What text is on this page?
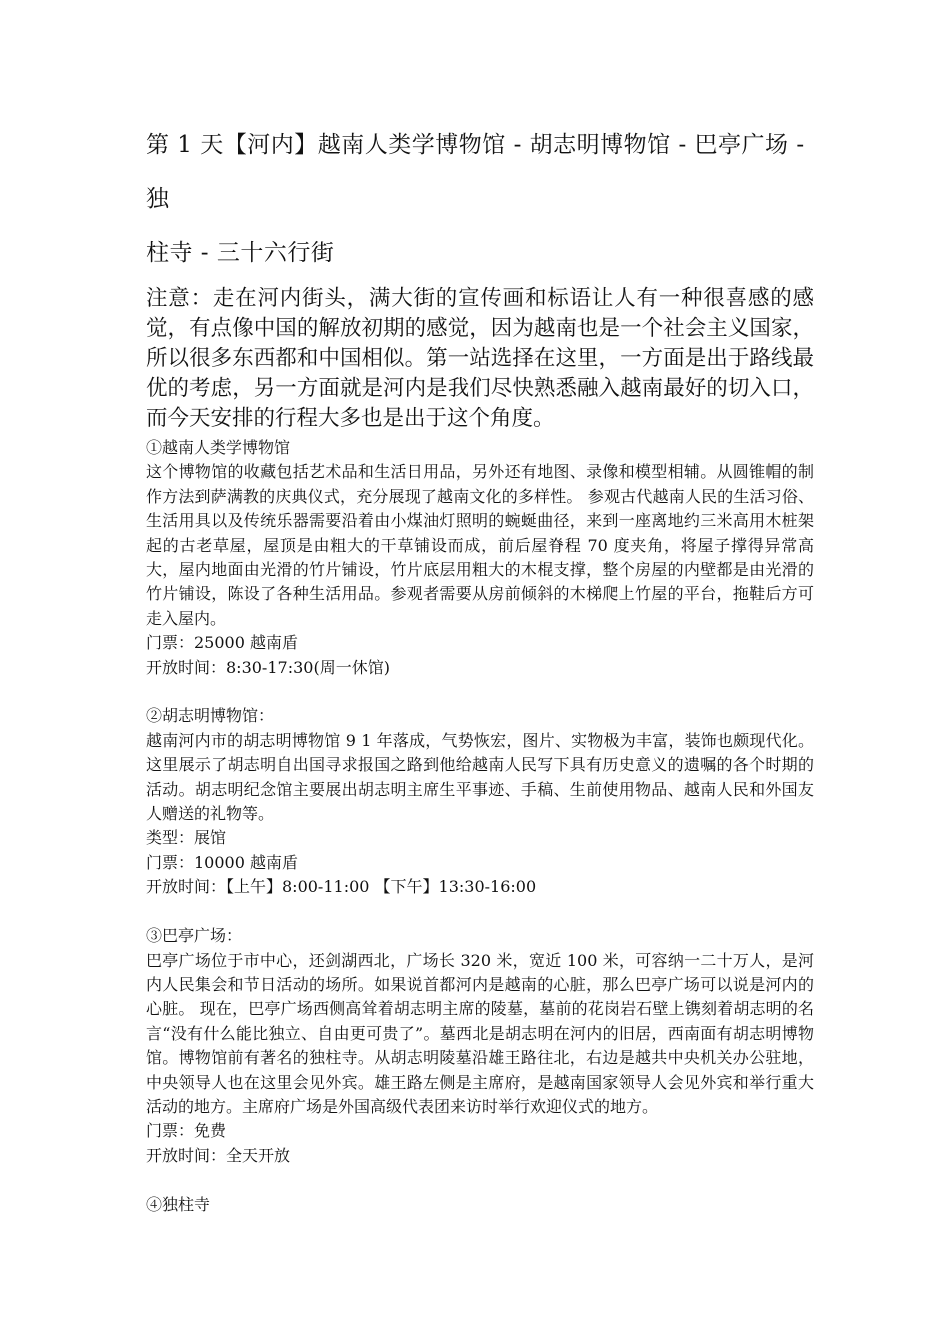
第 1 天【河内】越南人类学博物馆 - 胡志明博物馆 - 巴亭广场 - 独
柱寺 - 三十六行街

注意：走在河内街头，满大街的宣传画和标语让人有一种很喜感的感觉，有点像中国的解放初期的感觉，因为越南也是一个社会主义国家，所以很多东西都和中国相似。第一站选择在这里，一方面是出于路线最优的考虑，另一方面就是河内是我们尽快熟悉融入越南最好的切入口，而今天安排的行程大多也是出于这个角度。

①越南人类学博物馆
这个博物馆的收藏包括艺术品和生活日用品，另外还有地图、录像和模型相辅。从圆锥帽的制作方法到萨满教的庆典仪式，充分展现了越南文化的多样性。 参观古代越南人民的生活习俗、生活用具以及传统乐器需要沿着由小煤油灯照明的蜿蜒曲径，来到一座离地约三米高用木桩架起的古老草屋，屋顶是由粗大的干草铺设而成，前后屋脊程 70 度夹角，将屋子撑得异常高大，屋内地面由光滑的竹片铺设，竹片底层用粗大的木棍支撑，整个房屋的内壁都是由光滑的竹片铺设，陈设了各种生活用品。参观者需要从房前倾斜的木梯爬上竹屋的平台，拖鞋后方可走入屋内。
门票：25000 越南盾
开放时间：8:30-17:30(周一休馆)
②胡志明博物馆：
越南河内市的胡志明博物馆 9 1 年落成，气势恢宏，图片、实物极为丰富，装饰也颇现代化。这里展示了胡志明自出国寻求报国之路到他给越南人民写下具有历史意义的遗嘱的各个时期的活动。胡志明纪念馆主要展出胡志明主席生平事迹、手稿、生前使用物品、越南人民和外国友人赠送的礼物等。
类型：展馆
门票：10000 越南盾
开放时间：【上午】8:00-11:00 【下午】13:30-16:00
③巴亭广场：
巴亭广场位于市中心，还剑湖西北，广场长 320 米，宽近 100 米，可容纳一二十万人，是河内人民集会和节日活动的场所。如果说首都河内是越南的心脏，那么巴亭广场可以说是河内的心脏。 现在，巴亭广场西侧高耸着胡志明主席的陵墓，墓前的花岗岩石壁上镌刻着胡志明的名言“没有什么能比独立、自由更可贵了”。墓西北是胡志明在河内的旧居，西南面有胡志明博物馆。博物馆前有著名的独柱寺。从胡志明陵墓沿雄王路往北，右边是越共中央机关办公驻地，中央领导人也在这里会见外宾。雄王路左侧是主席府，是越南国家领导人会见外宾和举行重大活动的地方。主席府广场是外国高级代表团来访时举行欢迎仪式的地方。
门票：免费
开放时间：全天开放
④独柱寺
